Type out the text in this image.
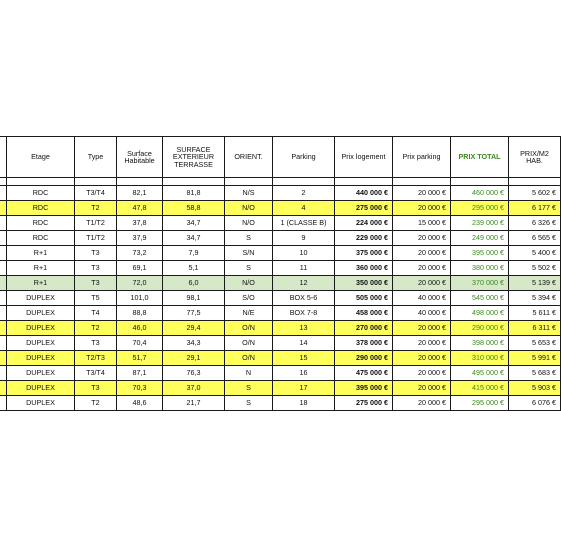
	Etage	Type	Surface Habitable	SURFACE EXTERIEUR TERRASSE	ORIENT.	Parking	Prix logement	Prix parking	PRIX TOTAL	PRIX/M2 HAB.

	RDC	T3/T4	82,1	81,8	N/S	2	440 000 €	20 000 €	460 000 €	5 602 €
	RDC	T2	47,8	58,8	N/O	4	275 000 €	20 000 €	295 000 €	6 177 €
	RDC	T1/T2	37,8	34,7	N/O	1 (CLASSE B)	224 000 €	15 000 €	239 000 €	6 326 €
	RDC	T1/T2	37,9	34,7	S	9	229 000 €	20 000 €	249 000 €	6 565 €
	R+1	T3	73,2	7,9	S/N	10	375 000 €	20 000 €	395 000 €	5 400 €
	R+1	T3	69,1	5,1	S	11	360 000 €	20 000 €	380 000 €	5 502 €
	R+1	T3	72,0	6,0	N/O	12	350 000 €	20 000 €	370 000 €	5 139 €
	DUPLEX	T5	101,0	98,1	S/O	BOX 5-6	505 000 €	40 000 €	545 000 €	5 394 €
	DUPLEX	T4	88,8	77,5	N/E	BOX 7-8	458 000 €	40 000 €	498 000 €	5 611 €
	DUPLEX	T2	46,0	29,4	O/N	13	270 000 €	20 000 €	290 000 €	6 311 €
	DUPLEX	T3	70,4	34,3	O/N	14	378 000 €	20 000 €	398 000 €	5 653 €
	DUPLEX	T2/T3	51,7	29,1	O/N	15	290 000 €	20 000 €	310 000 €	5 991 €
	DUPLEX	T3/T4	87,1	76,3	N	16	475 000 €	20 000 €	495 000 €	5 683 €
	DUPLEX	T3	70,3	37,0	S	17	395 000 €	20 000 €	415 000 €	5 903 €
	DUPLEX	T2	48,6	21,7	S	18	275 000 €	20 000 €	295 000 €	6 076 €
